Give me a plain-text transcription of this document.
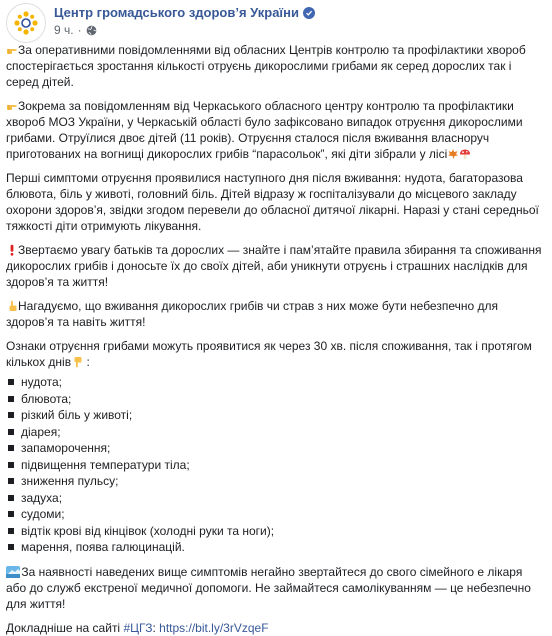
Центр громадського здоров’я України
9 ч. ·
За оперативними повідомленнями від обласних Центрів контролю та профілактики хвороб спостерігається зростання кількості отруєнь дикорослими грибами як серед дорослих так і серед дітей.
Зокрема за повідомленням від Черкаського обласного центру контролю та профілактики хвороб МОЗ України, у Черкаській області було зафіксовано випадок отруєння дикорослими грибами. Отруїлися двоє дітей (11 років). Отруєння сталося після вживання власноруч приготованих на вогнищі дикорослих грибів “парасольок”, які діти зібрали у лісі
Перші симптоми отруєння проявилися наступного дня після вживання: нудота, багаторазова блювота, біль у животі, головний біль. Дітей відразу ж госпіталізували до місцевого закладу охорони здоров’я, звідки згодом перевели до обласної дитячої лікарні. Наразі у стані середньої тяжкості діти отримують лікування.
Звертаємо увагу батьків та дорослих — знайте і пам’ятайте правила збирання та споживання дикорослих грибів і доносьте їх до своїх дітей, аби уникнути отруєнь і страшних наслідків для здоров’я та життя!
Нагадуємо, що вживання дикорослих грибів чи страв з них може бути небезпечно для здоров’я та навіть життя!
Ознаки отруєння грибами можуть проявитися як через 30 хв. після споживання, так і протягом кількох днів :
нудота;
блювота;
різкий біль у животі;
діарея;
запаморочення;
підвищення температури тіла;
зниження пульсу;
задуха;
судоми;
відтік крові від кінцівок (холодні руки та ноги);
марення, поява галюцинацій.
За наявності наведених вище симптомів негайно звертайтеся до свого сімейного е лікаря або до служб екстреної медичної допомоги. Не займайтеся самолікуванням — це небезпечно для життя!
Докладніше на сайті #ЦГЗ: https://bit.ly/3rVzqeF
